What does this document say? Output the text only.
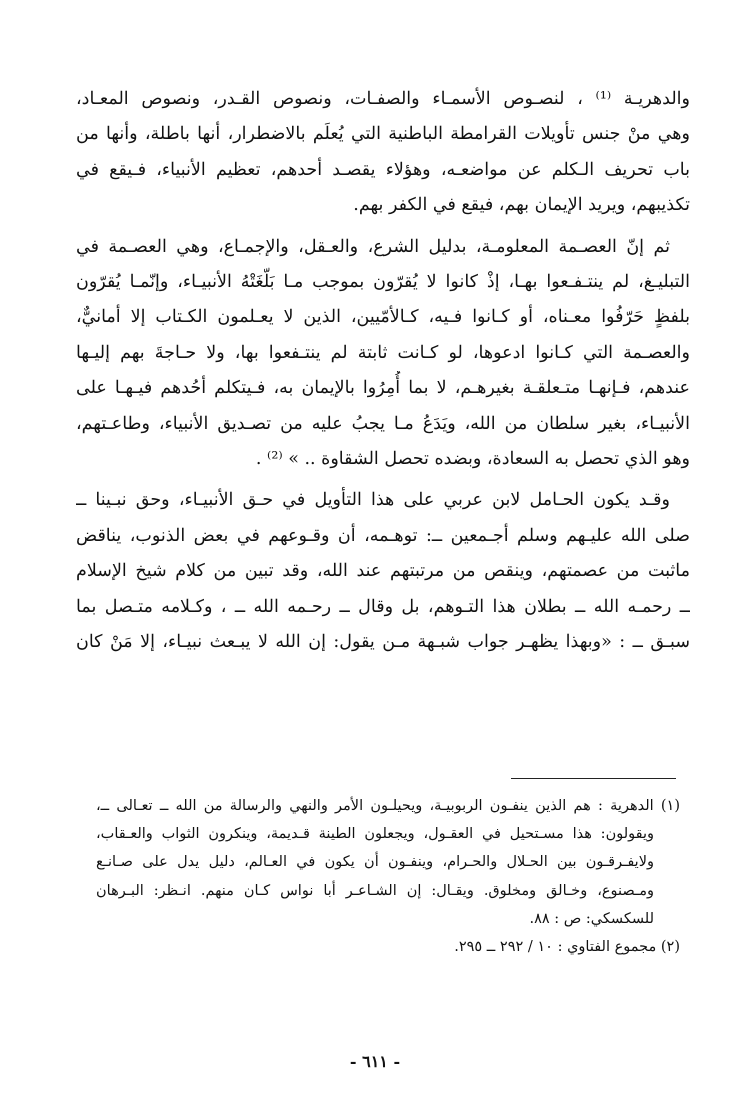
والدهريـة ⁽¹⁾ ، لنصـوص الأسمـاء والصفـات، ونصوص القـدر، ونصوص المعـاد،
وهي منْ جنس تأويلات القرامطة الباطنية التي يُعلَم بالاضطرار، أنها باطلة، وأنها من
باب تحريف الـكلم عن مواضعـه، وهؤلاء يقصـد أحدهم، تعظيم الأنبياء، فـيقع في
تكذيبهم، ويريد الإيمان بهم، فيقع في الكفر بهم.

ثم إنّ العصـمة المعلومـة، بدليل الشرع، والعـقل، والإجمـاع، وهي العصـمة في
التبليـغ، لم ينتـفـعوا بهـا، إذْ كانوا لا يُقرّون بموجب مـا بَلّغَتْهُ الأنبيـاء، وإنّمـا يُقرّون
بلفظٍ حَرّفُوا معـناه، أو كـانوا فـيه، كـالأمّيين، الذين لا يعـلمون الكـتاب إلا أمانيٌّ،
والعصـمة التي كـانوا ادعوها، لو كـانت ثابتة لم ينتـفعوا بها، ولا حـاجةَ بهم إليـها
عندهم، فـإنهـا متـعلقـة بغيرهـم، لا بما أُمِرُوا بالإيمان به، فـيتكلم أحُدهم فيـهـا على
الأنبيـاء، بغير سلطان من الله، ويَدَعُ مـا يجبُ عليه من تصـديق الأنبياء، وطاعـتهم،
وهو الذي تحصل به السعادة، وبضده تحصل الشقاوة .. » ⁽²⁾ .

وقـد يكون الحـامل لابن عربي على هذا التأويل في حـق الأنبيـاء، وحق نبـينا ــ
صلى الله عليـهم وسلم أجـمعين ــ: توهـمه، أن وقـوعهم في بعض الذنوب، يناقض
ماثبت من عصمتهم، وينقص من مرتبتهم عند الله، وقد تبين من كلام شيخ الإسلام
ــ رحمـه الله ــ بطلان هذا التـوهم، بل وقال ــ رحـمه الله ــ ، وكـلامه متـصل بما
سبـق ــ : «وبهذا يظهـر جواب شبـهة مـن يقول: إن الله لا يبـعث نبيـاء، إلا مَنْ كان

(١) الدهرية : هم الذين ينفـون الربوبيـة، ويحيلـون الأمر والنهي والرسالة من الله ــ تعـالى ــ،
ويقولون: هذا مسـتحيل في العقـول، ويجعلون الطينة قـديمة، وينكرون الثواب والعـقاب،
ولايفـرقـون بين الحـلال والحـرام، وينفـون أن يكون في العـالم، دليل يدل على صـانـع
ومـصنوع، وخـالق ومخلوق. ويقـال: إن الشـاعـر أبا نواس كـان منهم. انـظر: البـرهان
للسكسكي: ص : ٨٨.

(٢) مجموع الفتاوي : ١٠ / ٢٩٢ ــ ٢٩٥.

- ٦١١ -
